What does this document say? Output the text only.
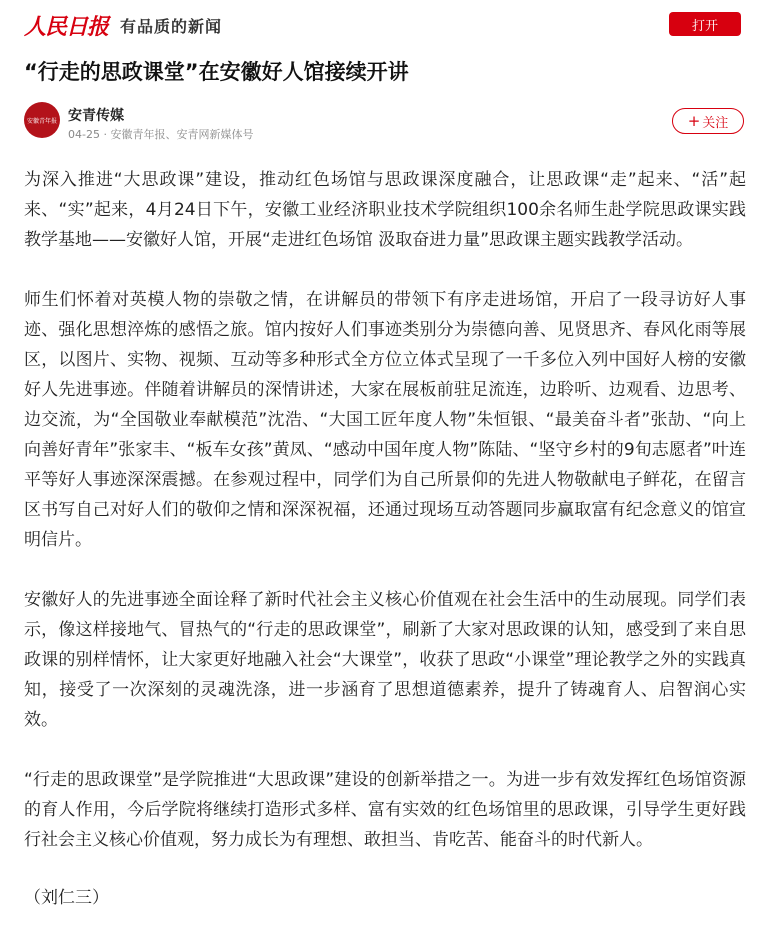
人民日报 有品质的新闻	打开
“行走的思政课堂”在安徽好人馆接续开讲
安徽青年报 安青传媒
04-25 · 安徽青年报、安青网新媒体号
+ 关注

为深入推进“大思政课”建设，推动红色场馆与思政课深度融合，让思政课“走”起来、“活”起来、“实”起来，4月24日下午，安徽工业经济职业技术学院组织100余名师生赴学院思政课实践教学基地——安徽好人馆，开展“走进红色场馆 汲取奋进力量”思政课主题实践教学活动。

师生们怀着对英模人物的崇敬之情，在讲解员的带领下有序走进场馆，开启了一段寻访好人事迹、强化思想淬炼的感悟之旅。馆内按好人们事迹类别分为崇德向善、见贤思齐、春风化雨等展区，以图片、实物、视频、互动等多种形式全方位立体式呈现了一千多位入列中国好人榜的安徽好人先进事迹。伴随着讲解员的深情讲述，大家在展板前驻足流连，边聆听、边观看、边思考、边交流，为“全国敬业奉献模范”沈浩、“大国工匠年度人物”朱恒银、“最美奋斗者”张劼、“向上向善好青年”张家丰、“板车女孩”黄凤、“感动中国年度人物”陈陆、“坚守乡村的9旬志愿者”叶连平等好人事迹深深震撼。在参观过程中，同学们为自己所景仰的先进人物敬献电子鲜花，在留言区书写自己对好人们的敬仰之情和深深祝福，还通过现场互动答题同步赢取富有纪念意义的馆宣明信片。

安徽好人的先进事迹全面诠释了新时代社会主义核心价值观在社会生活中的生动展现。同学们表示，像这样接地气、冒热气的“行走的思政课堂”，刷新了大家对思政课的认知，感受到了来自思政课的别样情怀，让大家更好地融入社会“大课堂”，收获了思政“小课堂”理论教学之外的实践真知，接受了一次深刻的灵魂洗涤，进一步涵育了思想道德素养，提升了铸魂育人、启智润心实效。

“行走的思政课堂”是学院推进“大思政课”建设的创新举措之一。为进一步有效发挥红色场馆资源的育人作用，今后学院将继续打造形式多样、富有实效的红色场馆里的思政课，引导学生更好践行社会主义核心价值观，努力成长为有理想、敢担当、肯吃苦、能奋斗的时代新人。

（刘仁三）
